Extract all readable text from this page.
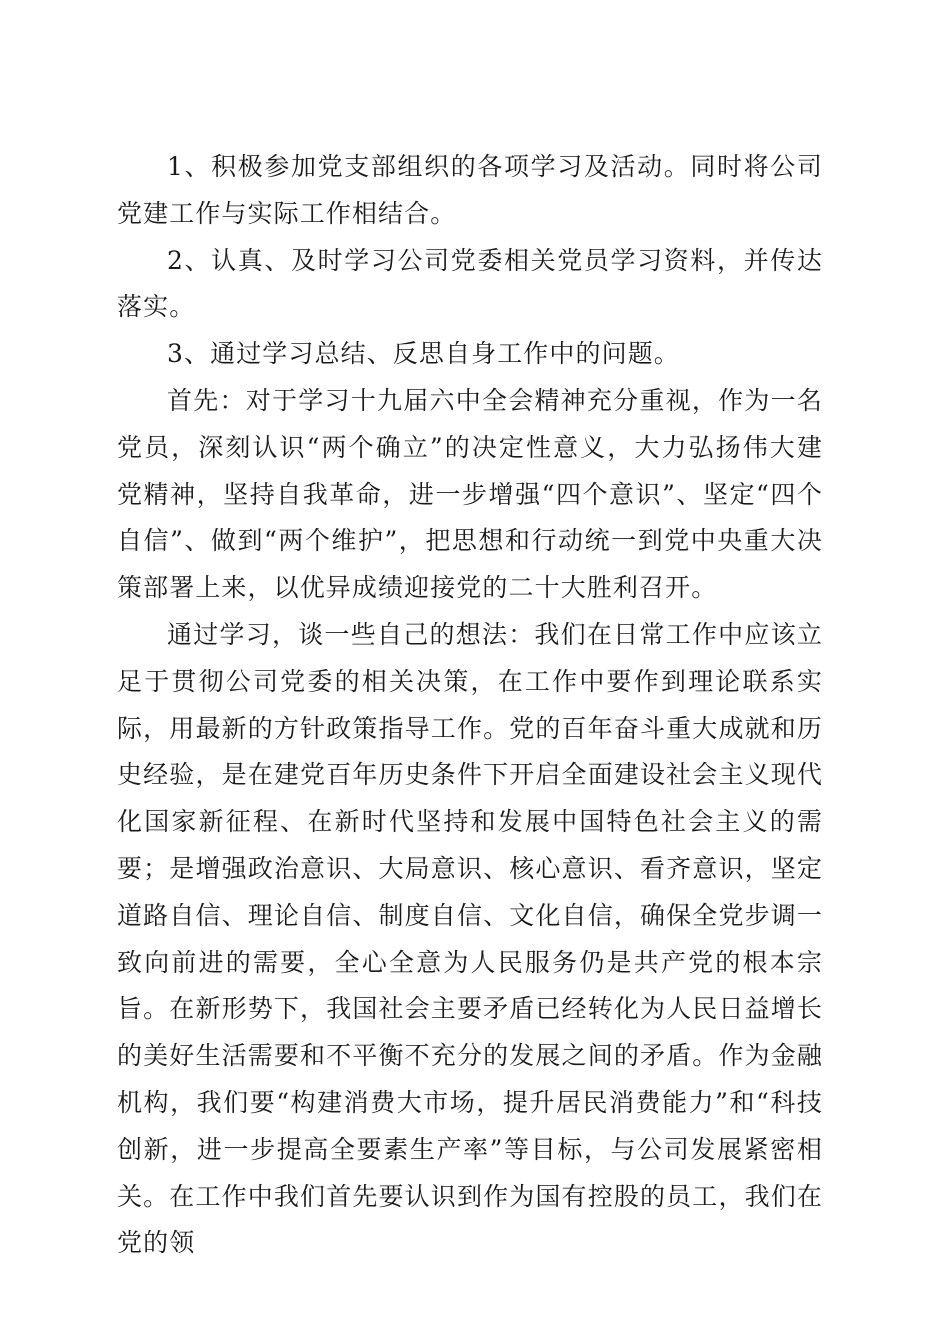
1、积极参加党支部组织的各项学习及活动。同时将公司党建工作与实际工作相结合。

2、认真、及时学习公司党委相关党员学习资料，并传达落实。

3、通过学习总结、反思自身工作中的问题。

首先：对于学习十九届六中全会精神充分重视，作为一名党员，深刻认识“两个确立”的决定性意义，大力弘扬伟大建党精神，坚持自我革命，进一步增强“四个意识”、坚定“四个自信”、做到“两个维护”，把思想和行动统一到党中央重大决策部署上来，以优异成绩迎接党的二十大胜利召开。

通过学习，谈一些自己的想法：我们在日常工作中应该立足于贯彻公司党委的相关决策，在工作中要作到理论联系实际，用最新的方针政策指导工作。党的百年奋斗重大成就和历史经验，是在建党百年历史条件下开启全面建设社会主义现代化国家新征程、在新时代坚持和发展中国特色社会主义的需要；是增强政治意识、大局意识、核心意识、看齐意识，坚定道路自信、理论自信、制度自信、文化自信，确保全党步调一致向前进的需要，全心全意为人民服务仍是共产党的根本宗旨。在新形势下，我国社会主要矛盾已经转化为人民日益增长的美好生活需要和不平衡不充分的发展之间的矛盾。作为金融机构，我们要“构建消费大市场，提升居民消费能力”和“科技创新，进一步提高全要素生产率”等目标，与公司发展紧密相关。在工作中我们首先要认识到作为国有控股的员工，我们在党的领
